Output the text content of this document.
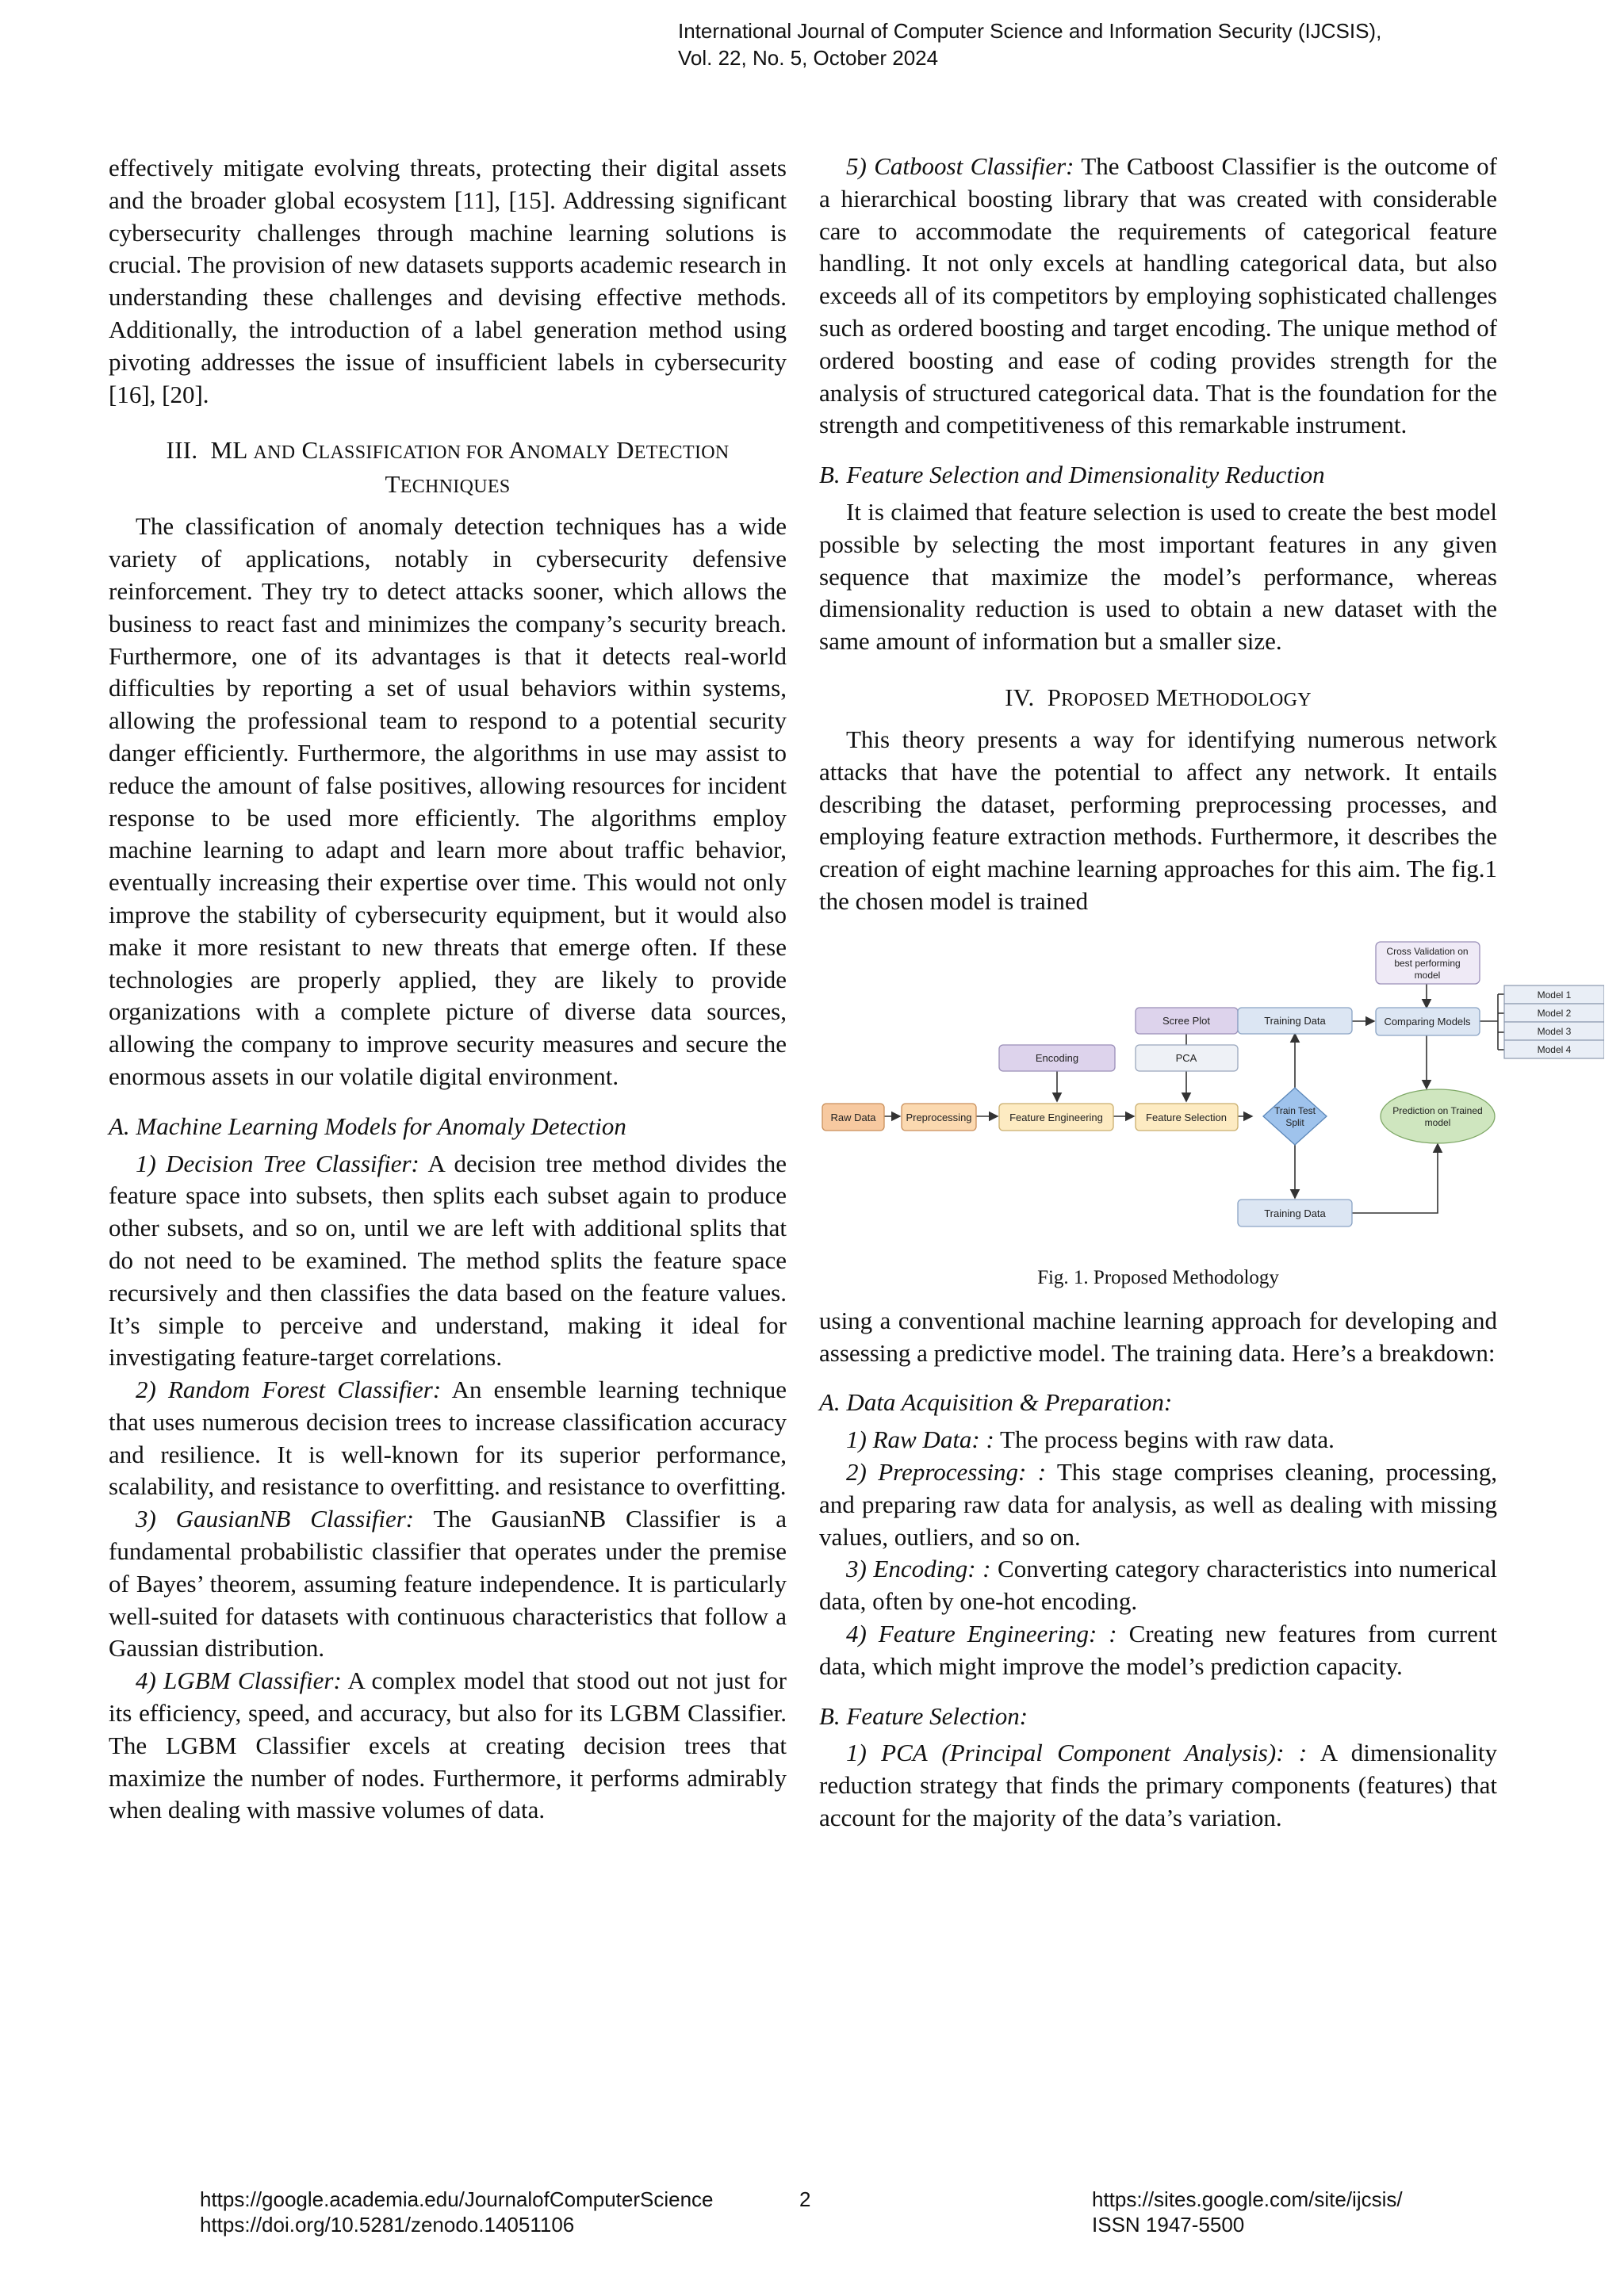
International Journal of Computer Science and Information Security (IJCSIS),
Vol. 22, No. 5, October 2024

effectively mitigate evolving threats, protecting their digital assets and the broader global ecosystem [11], [15]. Addressing significant cybersecurity challenges through machine learning solutions is crucial. The provision of new datasets supports academic research in understanding these challenges and devising effective methods. Additionally, the introduction of a label generation method using pivoting addresses the issue of insufficient labels in cybersecurity [16], [20].

III. ML AND CLASSIFICATION FOR ANOMALY DETECTION
TECHNIQUES

The classification of anomaly detection techniques has a wide variety of applications, notably in cybersecurity defensive reinforcement. They try to detect attacks sooner, which allows the business to react fast and minimizes the company’s security breach. Furthermore, one of its advantages is that it detects real-world difficulties by reporting a set of usual behaviors within systems, allowing the professional team to respond to a potential security danger efficiently. Furthermore, the algorithms in use may assist to reduce the amount of false positives, allowing resources for incident response to be used more efficiently. The algorithms employ machine learning to adapt and learn more about traffic behavior, eventually increasing their expertise over time. This would not only improve the stability of cybersecurity equipment, but it would also make it more resistant to new threats that emerge often. If these technologies are properly applied, they are likely to provide organizations with a complete picture of diverse data sources, allowing the company to improve security measures and secure the enormous assets in our volatile digital environment.

A. Machine Learning Models for Anomaly Detection

1) Decision Tree Classifier: A decision tree method divides the feature space into subsets, then splits each subset again to produce other subsets, and so on, until we are left with additional splits that do not need to be examined. The method splits the feature space recursively and then classifies the data based on the feature values. It’s simple to perceive and understand, making it ideal for investigating feature-target correlations.

2) Random Forest Classifier: An ensemble learning technique that uses numerous decision trees to increase classification accuracy and resilience. It is well-known for its superior performance, scalability, and resistance to overfitting. and resistance to overfitting.

3) GausianNB Classifier: The GausianNB Classifier is a fundamental probabilistic classifier that operates under the premise of Bayes’ theorem, assuming feature independence. It is particularly well-suited for datasets with continuous characteristics that follow a Gaussian distribution.

4) LGBM Classifier: A complex model that stood out not just for its efficiency, speed, and accuracy, but also for its LGBM Classifier. The LGBM Classifier excels at creating decision trees that maximize the number of nodes. Furthermore, it performs admirably when dealing with massive volumes of data.

5) Catboost Classifier: The Catboost Classifier is the outcome of a hierarchical boosting library that was created with considerable care to accommodate the requirements of categorical feature handling. It not only excels at handling categorical data, but also exceeds all of its competitors by employing sophisticated challenges such as ordered boosting and target encoding. The unique method of ordered boosting and ease of coding provides strength for the analysis of structured categorical data. That is the foundation for the strength and competitiveness of this remarkable instrument.

B. Feature Selection and Dimensionality Reduction

It is claimed that feature selection is used to create the best model possible by selecting the most important features in any given sequence that maximize the model’s performance, whereas dimensionality reduction is used to obtain a new dataset with the same amount of information but a smaller size.

IV. PROPOSED METHODOLOGY

This theory presents a way for identifying numerous network attacks that have the potential to affect any network. It entails describing the dataset, performing preprocessing processes, and employing feature extraction methods. Furthermore, it describes the creation of eight machine learning approaches for this aim. The fig.1 the chosen model is trained

Raw Data	Preprocessing	Feature Engineering
Encoding
Feature Selection
PCA
Scree Plot
Train Test
Split
Training Data
Training Data
Comparing Models
Cross Validation on
best performing
model
Prediction on Trained
model
Model 1
Model 2
Model 3
Model 4
Fig. 1. Proposed Methodology

using a conventional machine learning approach for developing and assessing a predictive model. The training data. Here’s a breakdown:

A. Data Acquisition & Preparation:

1) Raw Data: : The process begins with raw data.

2) Preprocessing: : This stage comprises cleaning, processing, and preparing raw data for analysis, as well as dealing with missing values, outliers, and so on.

3) Encoding: : Converting category characteristics into numerical data, often by one-hot encoding.

4) Feature Engineering: : Creating new features from current data, which might improve the model’s prediction capacity.

B. Feature Selection:

1) PCA (Principal Component Analysis): : A dimensionality reduction strategy that finds the primary components (features) that account for the majority of the data’s variation.

https://google.academia.edu/JournalofComputerScience
https://doi.org/10.5281/zenodo.14051106
2	https://sites.google.com/site/ijcsis/
ISSN 1947-5500
